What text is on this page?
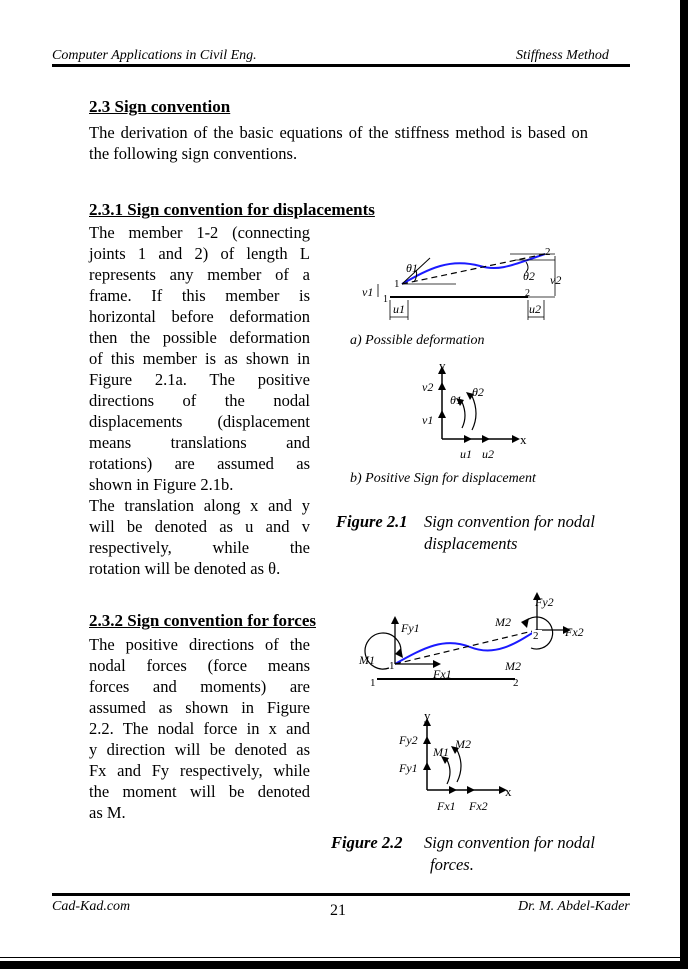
Computer Applications in Civil Eng.	Stiffness Method
2.3 Sign convention
The derivation of the basic equations of the stiffness method is based on the following sign conventions.
2.3.1 Sign convention for displacements
The member 1-2 (connecting
joints 1 and 2) of length L
represents any member of a
frame. If this member is
horizontal before deformation
then the possible deformation
of this member is as shown in
Figure 2.1a. The positive
directions of the nodal
displacements (displacement
means translations and
rotations) are assumed as
shown in Figure 2.1b.
The translation along x and y
will be denoted as u and v
respectively, while the
rotation will be denoted as θ.
θ1
θ2
v1
v2
u1	u2
1
2
1
2
a) Possible deformation
y
x
v2
v1
θ1
θ2
u1 u2
b) Positive Sign for displacement
Figure 2.1 Sign convention for nodal
displacements
2.3.2 Sign convention for forces
The positive directions of the
nodal forces (force means
forces and moments) are
assumed as shown in Figure
2.2. The nodal force in x and
y direction will be denoted as
Fx and Fy respectively, while
the moment will be denoted
as M.
Fy1
M1
Fx1
Fy2
M2
M2
Fx2
1
2
1	2
y
x
Fy2
Fy1
M1
M2
Fx1 Fx2
Figure 2.2 Sign convention for nodal
forces.
Cad-Kad.com	21	Dr. M. Abdel-Kader
